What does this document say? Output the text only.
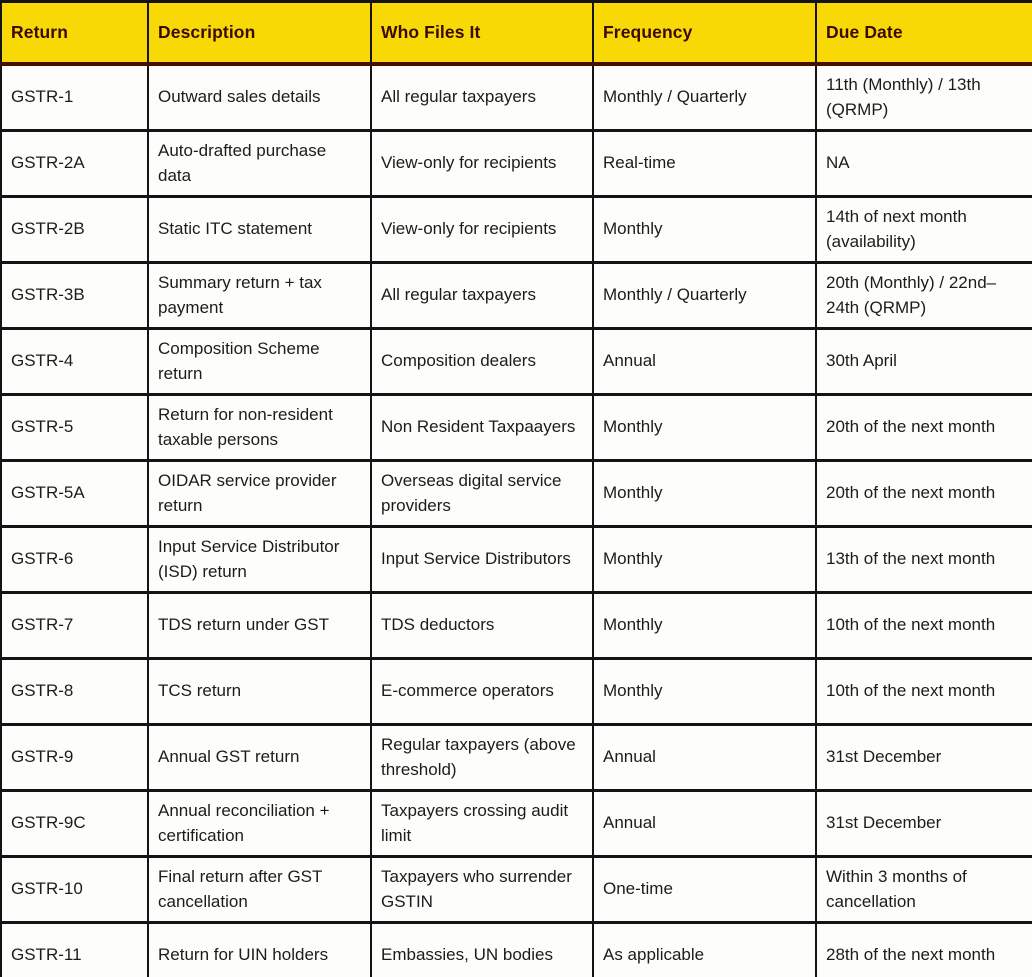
Return	Description	Who Files It	Frequency	Due Date
GSTR-1	Outward sales details	All regular taxpayers	Monthly / Quarterly	11th (Monthly) / 13th (QRMP)
GSTR-2A	Auto-drafted purchase data	View-only for recipients	Real-time	NA
GSTR-2B	Static ITC statement	View-only for recipients	Monthly	14th of next month (availability)
GSTR-3B	Summary return + tax payment	All regular taxpayers	Monthly / Quarterly	20th (Monthly) / 22nd–24th (QRMP)
GSTR-4	Composition Scheme return	Composition dealers	Annual	30th April
GSTR-5	Return for non-resident taxable persons	Non Resident Taxpaayers	Monthly	20th of the next month
GSTR-5A	OIDAR service provider return	Overseas digital service providers	Monthly	20th of the next month
GSTR-6	Input Service Distributor (ISD) return	Input Service Distributors	Monthly	13th of the next month
GSTR-7	TDS return under GST	TDS deductors	Monthly	10th of the next month
GSTR-8	TCS return	E-commerce operators	Monthly	10th of the next month
GSTR-9	Annual GST return	Regular taxpayers (above threshold)	Annual	31st December
GSTR-9C	Annual reconciliation + certification	Taxpayers crossing audit limit	Annual	31st December
GSTR-10	Final return after GST cancellation	Taxpayers who surrender GSTIN	One-time	Within 3 months of cancellation
GSTR-11	Return for UIN holders	Embassies, UN bodies	As applicable	28th of the next month
